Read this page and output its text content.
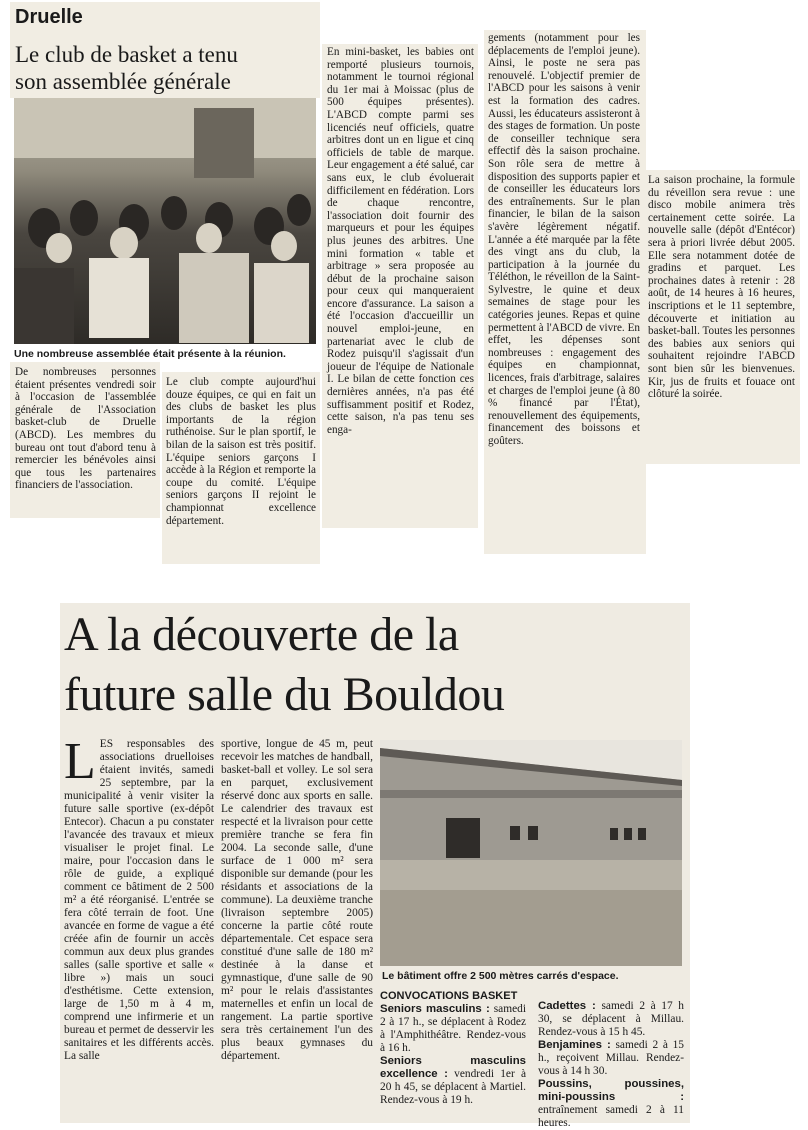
Druelle
Le club de basket a tenu
son assemblée générale
Une nombreuse assemblée était présente à la réunion.

De nombreuses personnes étaient présentes vendredi soir à l'occasion de l'assemblée générale de l'Association basket-club de Druelle (ABCD). Les membres du bureau ont tout d'abord tenu à remercier les bénévoles ainsi que tous les partenaires financiers de l'association.

Le club compte aujourd'hui douze équipes, ce qui en fait un des clubs de basket les plus importants de la région ruthénoise. Sur le plan sportif, le bilan de la saison est très positif. L'équipe seniors garçons I accède à la Région et remporte la coupe du comité. L'équipe seniors garçons II rejoint le championnat excellence département.

En mini-basket, les babies ont remporté plusieurs tournois, notamment le tournoi régional du 1er mai à Moissac (plus de 500 équipes présentes). L'ABCD compte parmi ses licenciés neuf officiels, quatre arbitres dont un en ligue et cinq officiels de table de marque. Leur engagement a été salué, car sans eux, le club évoluerait difficilement en fédération. Lors de chaque rencontre, l'association doit fournir des marqueurs et pour les équipes plus jeunes des arbitres. Une mini formation « table et arbitrage » sera proposée au début de la prochaine saison pour ceux qui manqueraient encore d'assurance. La saison a été l'occasion d'accueillir un nouvel emploi-jeune, en partenariat avec le club de Rodez puisqu'il s'agissait d'un joueur de l'équipe de Nationale I. Le bilan de cette fonction ces dernières années, n'a pas été suffisamment positif et Rodez, cette saison, n'a pas tenu ses enga-

gements (notamment pour les déplacements de l'emploi jeune). Ainsi, le poste ne sera pas renouvelé. L'objectif premier de l'ABCD pour les saisons à venir est la formation des cadres. Aussi, les éducateurs assisteront à des stages de formation. Un poste de conseiller technique sera effectif dès la saison prochaine. Son rôle sera de mettre à disposition des supports papier et de conseiller les éducateurs lors des entraînements. Sur le plan financier, le bilan de la saison s'avère légèrement négatif. L'année a été marquée par la fête des vingt ans du club, la participation à la journée du Téléthon, le réveillon de la Saint-Sylvestre, le quine et deux semaines de stage pour les catégories jeunes. Repas et quine permettent à l'ABCD de vivre. En effet, les dépenses sont nombreuses : engagement des équipes en championnat, licences, frais d'arbitrage, salaires et charges de l'emploi jeune (à 80 % financé par l'État), renouvellement des équipements, financement des boissons et goûters.

La saison prochaine, la formule du réveillon sera revue : une disco mobile animera très certainement cette soirée. La nouvelle salle (dépôt d'Entécor) sera à priori livrée début 2005. Elle sera notamment dotée de gradins et parquet. Les prochaines dates à retenir : 28 août, de 14 heures à 16 heures, inscriptions et le 11 septembre, découverte et initiation au basket-ball. Toutes les personnes des babies aux seniors qui souhaitent rejoindre l'ABCD sont bien sûr les bienvenues. Kir, jus de fruits et fouace ont clôturé la soirée.

A la découverte de la
future salle du Bouldou
L ES responsables des associations druelloises étaient invités, samedi 25 septembre, par la municipalité à venir visiter la future salle sportive (ex-dépôt Entecor). Chacun a pu constater l'avancée des travaux et mieux visualiser le projet final. Le maire, pour l'occasion dans le rôle de guide, a expliqué comment ce bâtiment de 2 500 m² a été réorganisé. L'entrée se fera côté terrain de foot. Une avancée en forme de vague a été créée afin de fournir un accès commun aux deux plus grandes salles (salle sportive et salle « libre ») mais un souci d'esthétisme. Cette extension, large de 1,50 m à 4 m, comprend une infirmerie et un bureau et permet de desservir les sanitaires et les différents accès. La salle

sportive, longue de 45 m, peut recevoir les matches de handball, basket-ball et volley. Le sol sera en parquet, exclusivement réservé donc aux sports en salle. Le calendrier des travaux est respecté et la livraison pour cette première tranche se fera fin 2004. La seconde salle, d'une surface de 1 000 m² sera disponible sur demande (pour les résidants et associations de la commune). La deuxième tranche (livraison septembre 2005) concerne la partie côté route départementale. Cet espace sera constitué d'une salle de 180 m² destinée à la danse et gymnastique, d'une salle de 90 m² pour le relais d'assistantes maternelles et enfin un local de rangement. La partie sportive sera très certainement l'un des plus beaux gymnases du département.

Le bâtiment offre 2 500 mètres carrés d'espace.
CONVOCATIONS BASKET

Seniors masculins : samedi 2 à 17 h., se déplacent à Rodez à l'Amphithéâtre. Rendez-vous à 16 h.

Seniors masculins excellence : vendredi 1er à 20 h 45, se déplacent à Martiel. Rendez-vous à 19 h.

Cadettes : samedi 2 à 17 h 30, se déplacent à Millau. Rendez-vous à 15 h 45.

Benjamines : samedi 2 à 15 h., reçoivent Millau. Rendez-vous à 14 h 30.

Poussins, poussines, mini-poussins : entraînement samedi 2 à 11 heures.
